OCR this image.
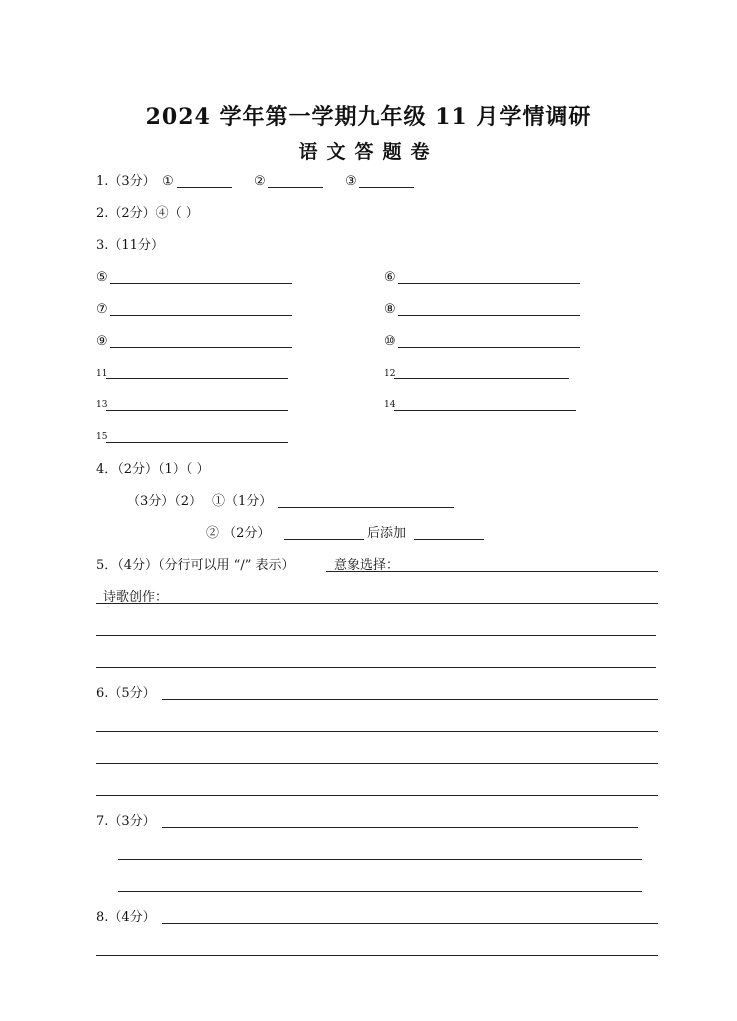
2024 学年第一学期九年级 11 月学情调研
语文答题卷
1.（3分） ①	②	③
2.（2分）④（ ）
3.（11分）
⑤	⑥
⑦	⑧
⑨	⑩
11	12
13	14
15
4．（2分）（1）（ ）
（3分）（2） ①（1分）
② （2分）	后添加
5．（4分）（分行可以用 “/” 表示）	意象选择：
诗歌创作：
6.（5分）
7.（3分）
8.（4分）
